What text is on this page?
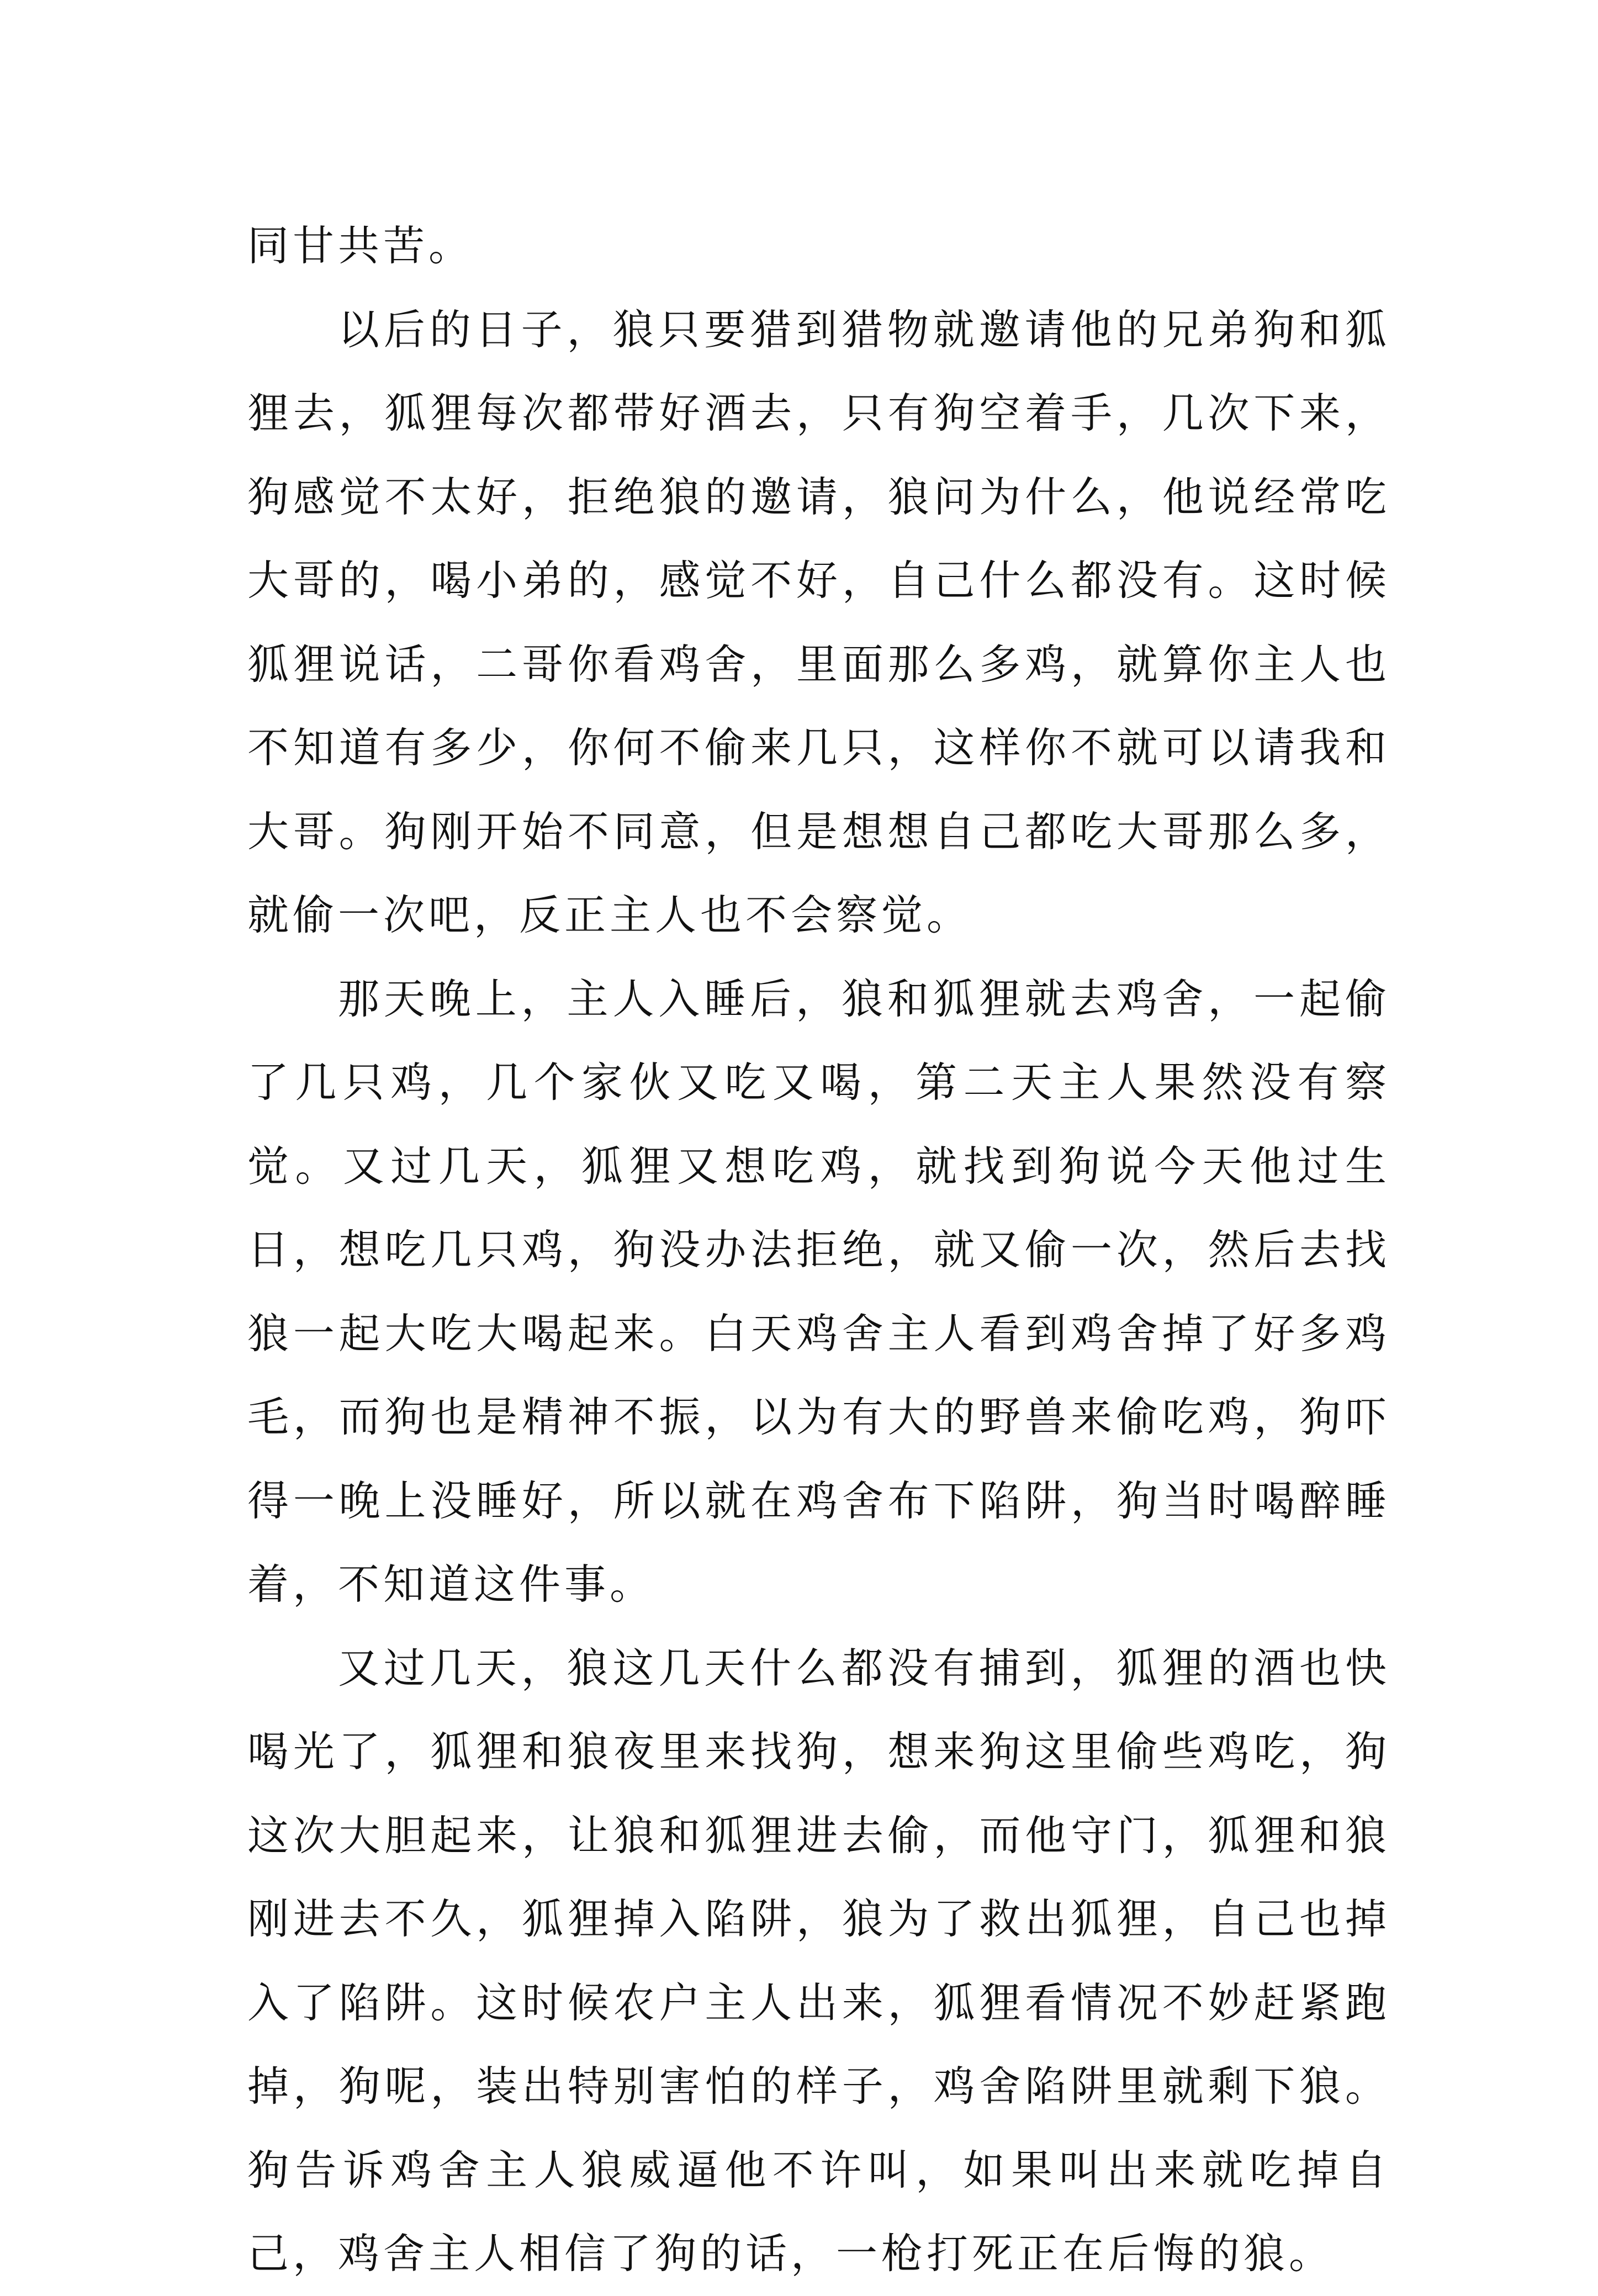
同甘共苦。

以后的日子，狼只要猎到猎物就邀请他的兄弟狗和狐狸去，狐狸每次都带好酒去，只有狗空着手，几次下来，狗感觉不太好，拒绝狼的邀请，狼问为什么，他说经常吃大哥的，喝小弟的，感觉不好，自己什么都没有。这时候狐狸说话，二哥你看鸡舍，里面那么多鸡，就算你主人也不知道有多少，你何不偷来几只，这样你不就可以请我和大哥。狗刚开始不同意，但是想想自己都吃大哥那么多，就偷一次吧，反正主人也不会察觉。

那天晚上，主人入睡后，狼和狐狸就去鸡舍，一起偷了几只鸡，几个家伙又吃又喝，第二天主人果然没有察觉。又过几天，狐狸又想吃鸡，就找到狗说今天他过生日，想吃几只鸡，狗没办法拒绝，就又偷一次，然后去找狼一起大吃大喝起来。白天鸡舍主人看到鸡舍掉了好多鸡毛，而狗也是精神不振，以为有大的野兽来偷吃鸡，狗吓得一晚上没睡好，所以就在鸡舍布下陷阱，狗当时喝醉睡着，不知道这件事。

又过几天，狼这几天什么都没有捕到，狐狸的酒也快喝光了，狐狸和狼夜里来找狗，想来狗这里偷些鸡吃，狗这次大胆起来，让狼和狐狸进去偷，而他守门，狐狸和狼刚进去不久，狐狸掉入陷阱，狼为了救出狐狸，自己也掉入了陷阱。这时候农户主人出来，狐狸看情况不妙赶紧跑掉，狗呢，装出特别害怕的样子，鸡舍陷阱里就剩下狼。狗告诉鸡舍主人狼威逼他不许叫，如果叫出来就吃掉自己，鸡舍主人相信了狗的话，一枪打死正在后悔的狼。
